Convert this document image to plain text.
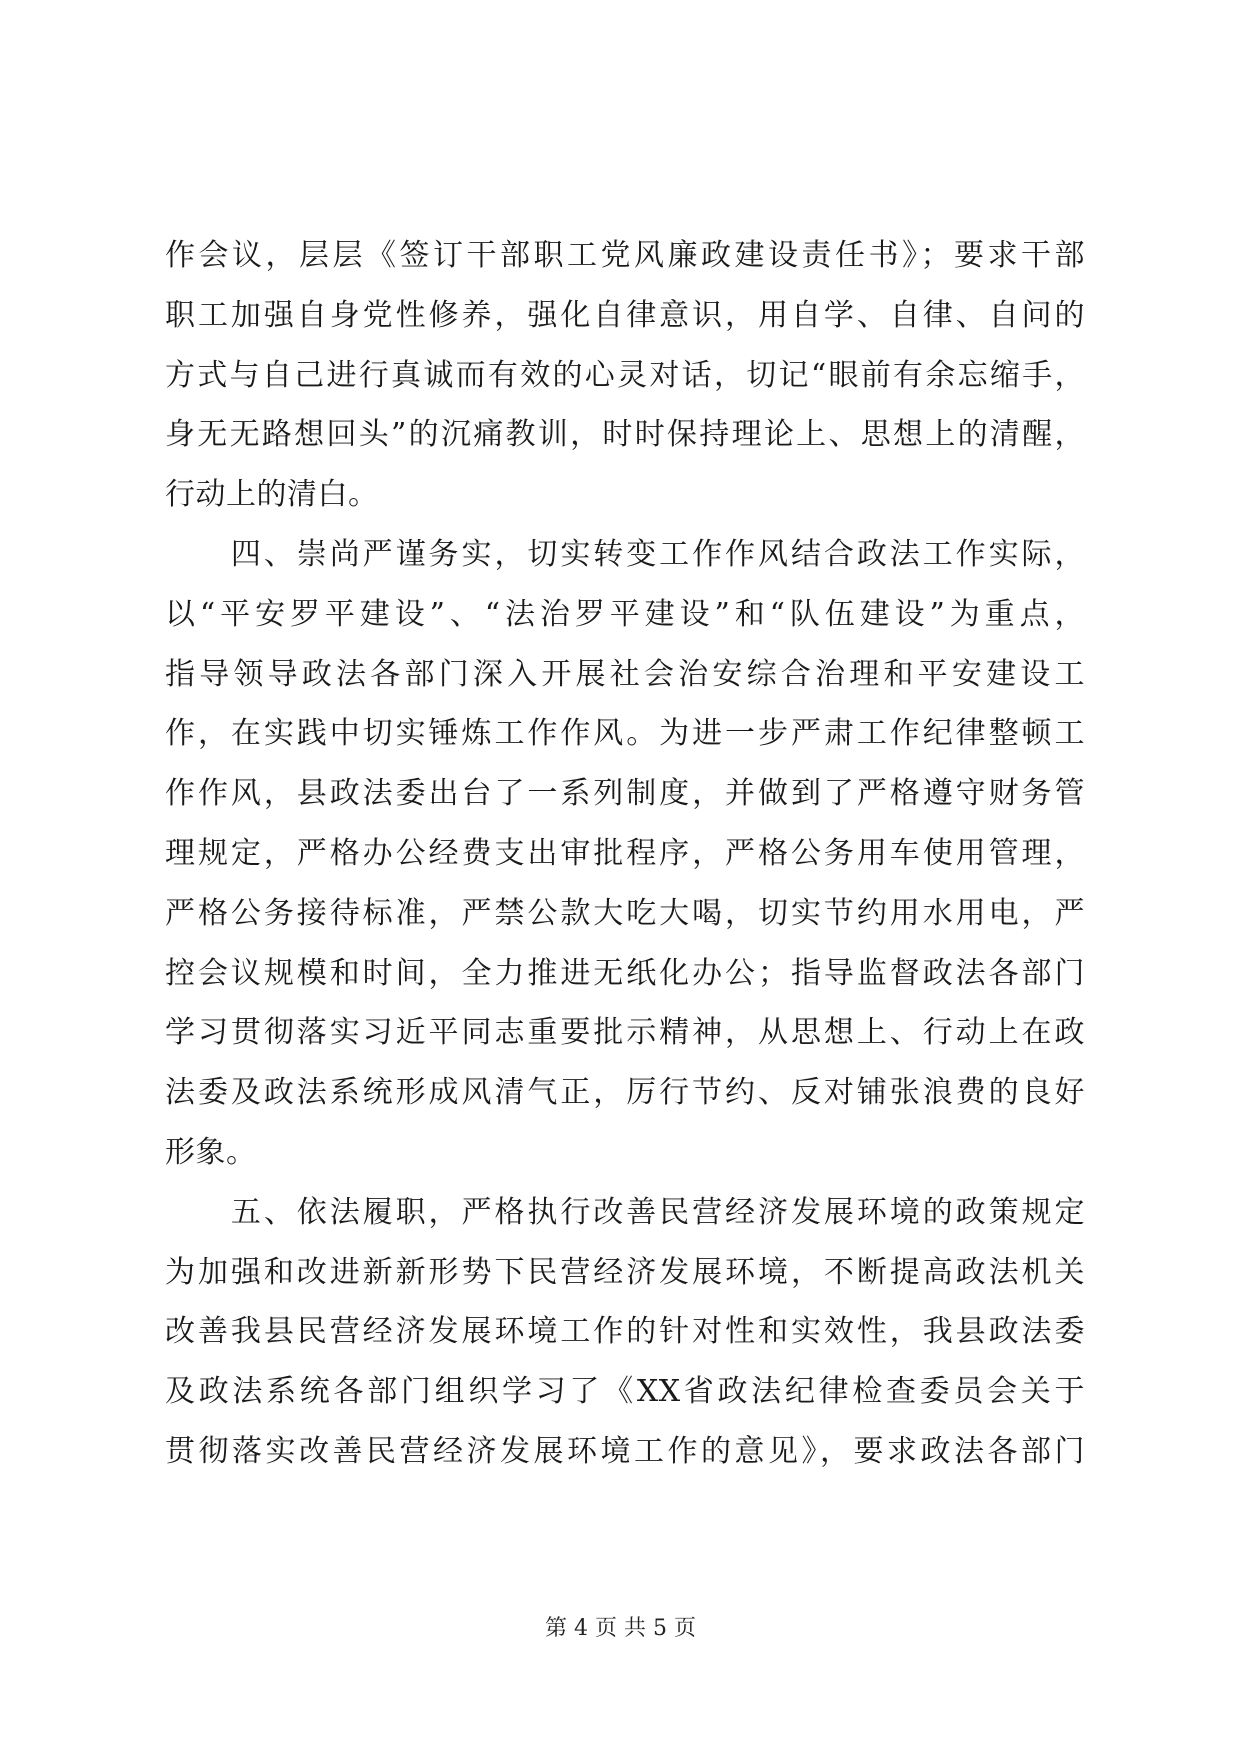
作会议，层层《签订干部职工党风廉政建设责任书》；要求干部
职工加强自身党性修养，强化自律意识，用自学、自律、自问的
方式与自己进行真诚而有效的心灵对话，切记“眼前有余忘缩手，
身无无路想回头”的沉痛教训，时时保持理论上、思想上的清醒，
行动上的清白。
　　四、崇尚严谨务实，切实转变工作作风结合政法工作实际，
以“平安罗平建设”、“法治罗平建设”和“队伍建设”为重点，
指导领导政法各部门深入开展社会治安综合治理和平安建设工
作，在实践中切实锤炼工作作风。为进一步严肃工作纪律整顿工
作作风，县政法委出台了一系列制度，并做到了严格遵守财务管
理规定，严格办公经费支出审批程序，严格公务用车使用管理，
严格公务接待标准，严禁公款大吃大喝，切实节约用水用电，严
控会议规模和时间，全力推进无纸化办公；指导监督政法各部门
学习贯彻落实习近平同志重要批示精神，从思想上、行动上在政
法委及政法系统形成风清气正，厉行节约、反对铺张浪费的良好
形象。
　　五、依法履职，严格执行改善民营经济发展环境的政策规定
为加强和改进新新形势下民营经济发展环境，不断提高政法机关
改善我县民营经济发展环境工作的针对性和实效性，我县政法委
及政法系统各部门组织学习了《XX省政法纪律检查委员会关于
贯彻落实改善民营经济发展环境工作的意见》，要求政法各部门
第 4 页 共 5 页
